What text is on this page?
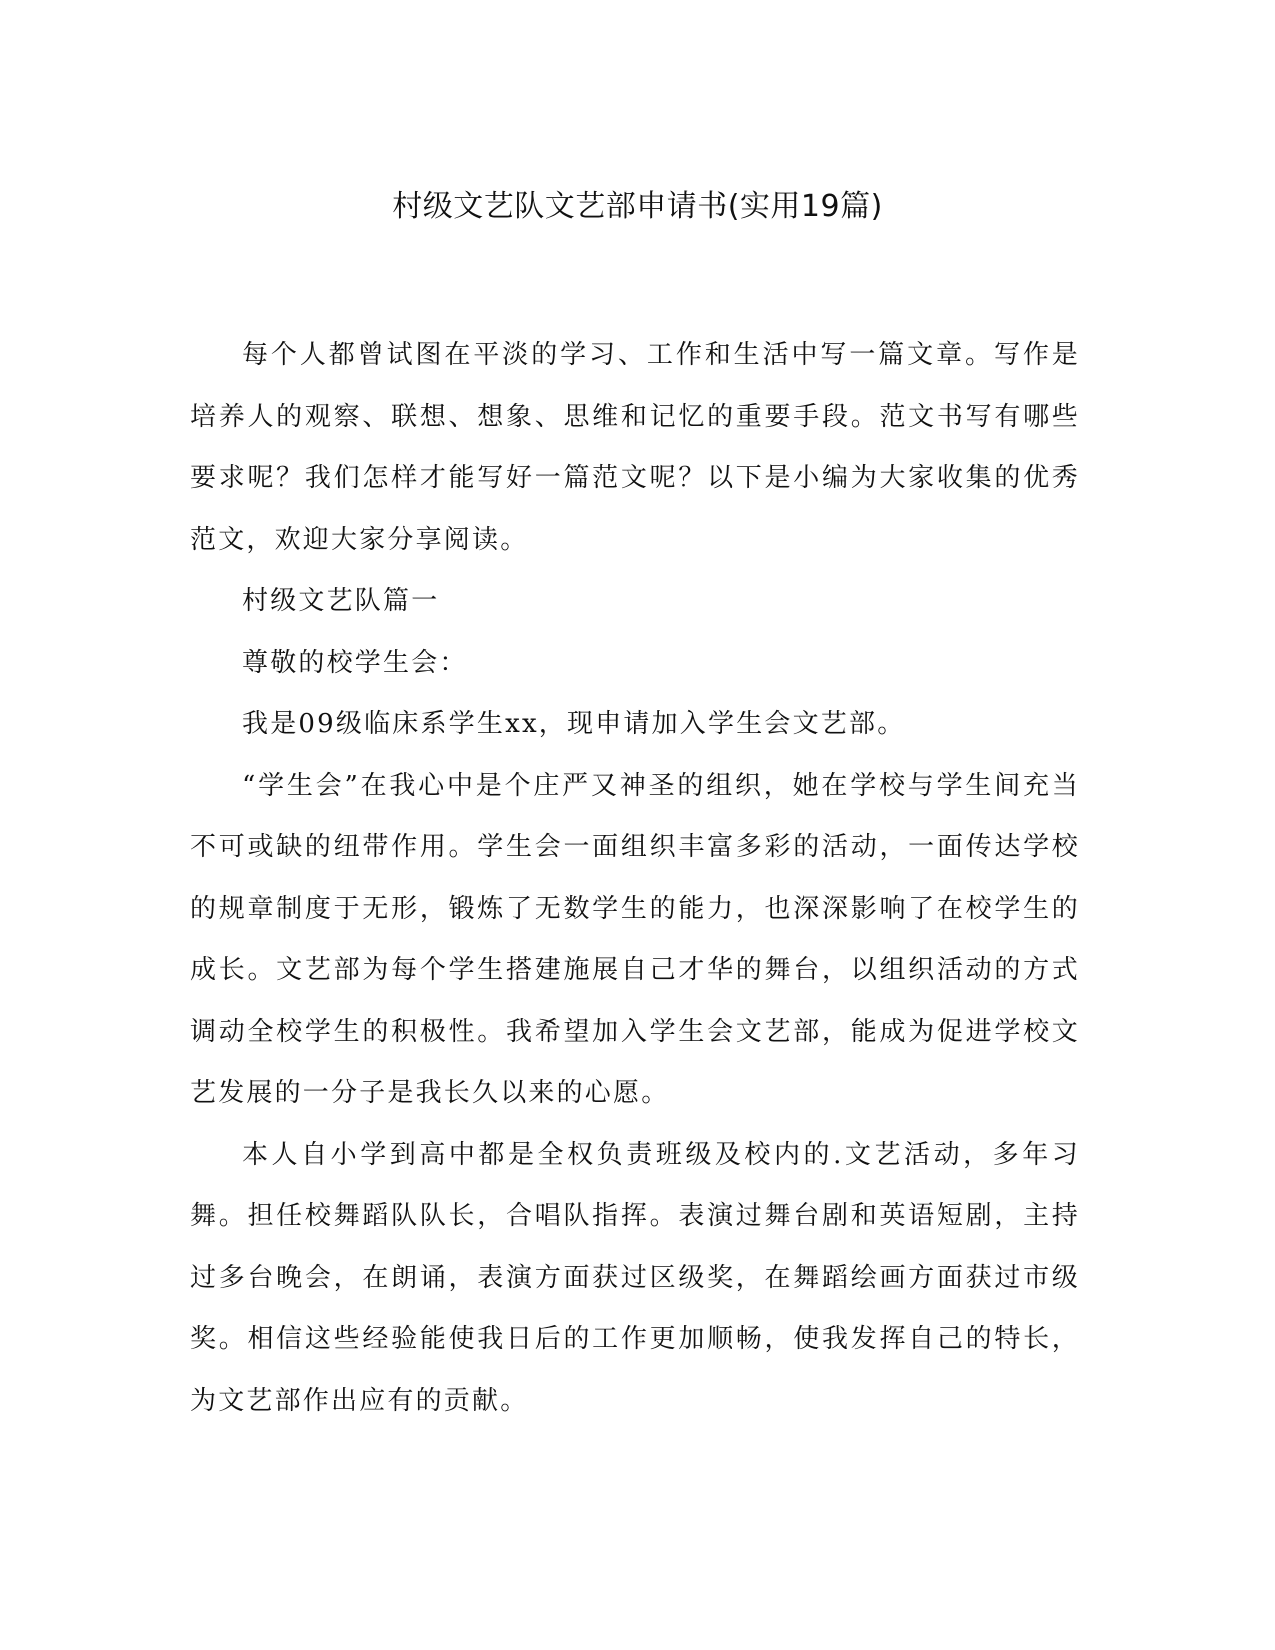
村级文艺队文艺部申请书(实用19篇)

每个人都曾试图在平淡的学习、工作和生活中写一篇文章。写作是培养人的观察、联想、想象、思维和记忆的重要手段。范文书写有哪些要求呢？我们怎样才能写好一篇范文呢？以下是小编为大家收集的优秀范文，欢迎大家分享阅读。

村级文艺队篇一

尊敬的校学生会：

我是09级临床系学生xx，现申请加入学生会文艺部。

“学生会”在我心中是个庄严又神圣的组织，她在学校与学生间充当不可或缺的纽带作用。学生会一面组织丰富多彩的活动，一面传达学校的规章制度于无形，锻炼了无数学生的能力，也深深影响了在校学生的成长。文艺部为每个学生搭建施展自己才华的舞台，以组织活动的方式调动全校学生的积极性。我希望加入学生会文艺部，能成为促进学校文艺发展的一分子是我长久以来的心愿。

本人自小学到高中都是全权负责班级及校内的.文艺活动，多年习舞。担任校舞蹈队队长，合唱队指挥。表演过舞台剧和英语短剧，主持过多台晚会，在朗诵，表演方面获过区级奖，在舞蹈绘画方面获过市级奖。相信这些经验能使我日后的工作更加顺畅，使我发挥自己的特长，为文艺部作出应有的贡献。
